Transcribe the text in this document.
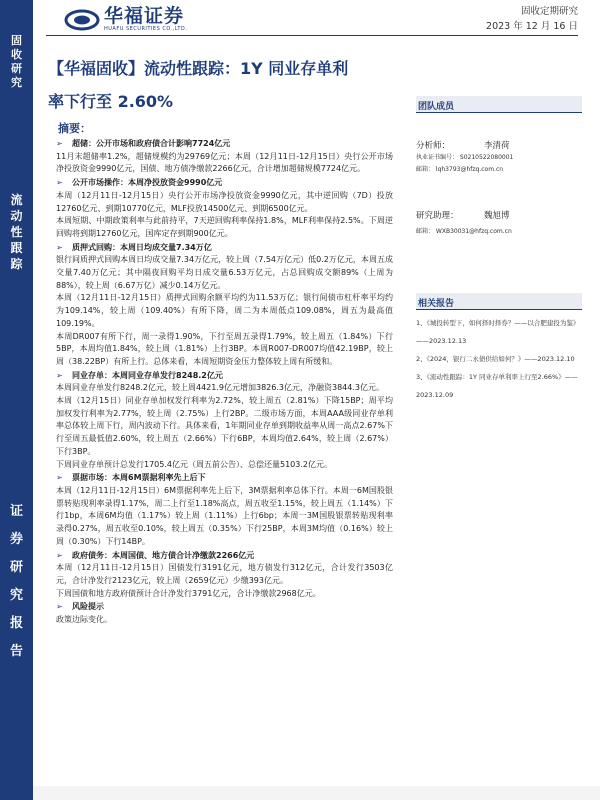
固
收
研
究
流
动
性
跟
踪
证
券
研
究
报
告
华福证券
HUAFU SECURITIES CO.,LTD.
固收定期研究
2023 年 12 月 16 日
【华福固收】流动性跟踪：1Y 同业存单利
率下行至 2.60%
摘要：
➢	超储：公开市场和政府债合计影响7724亿元
11月末超储率1.2%，超储规模约为29769亿元；本周（12月11日-12月15日）央行公开市场净投放资金9990亿元，国债、地方债净缴款2266亿元，合计增加超储规模7724亿元。
➢	公开市场操作：本周净投放资金9990亿元
本周（12月11日-12月15日）央行公开市场净投放资金9990亿元，其中逆回购（7D）投放12760亿元、到期10770亿元，MLF投放14500亿元、到期6500亿元。
本周短期、中期政策利率与此前持平，7天逆回购利率保持1.8%，MLF利率保持2.5%。下周逆回购将到期12760亿元，国库定存到期900亿元。
➢	质押式回购：本周日均成交量7.34万亿
银行间质押式回购本周日均成交量7.34万亿元，较上周（7.54万亿元）低0.2万亿元，本周五成交量7.40万亿元；其中隔夜回购平均日成交量6.53万亿元，占总回购成交额89%（上周为88%），较上周（6.67万亿）减少0.14万亿元。
本周（12月11日-12月15日）质押式回购余额平均约为11.53万亿；银行间债市杠杆率平均约为109.14%，较上周（109.40%）有所下降，周二为本周低点109.08%，周五为最高值109.19%。
本周DR007有所下行，周一录得1.90%，下行至周五录得1.79%，较上周五（1.84%）下行5BP，本周均值1.84%，较上周（1.81%）上行3BP。本周R007-DR007均值42.19BP，较上周（38.22BP）有所上行。总体来看，本周短期资金压力整体较上周有所缓和。
➢	同业存单：本周同业存单发行8248.2亿元
本周同业存单发行8248.2亿元，较上周4421.9亿元增加3826.3亿元，净融资3844.3亿元。
本周（12月15日）同业存单加权发行利率为2.72%，较上周五（2.81%）下降15BP；周平均加权发行利率为2.77%，较上周（2.75%）上行2BP。二级市场方面，本周AAA级同业存单利率总体较上周下行，周内波动下行。具体来看，1年期同业存单到期收益率从周一高点2.67%下行至周五最低值2.60%，较上周五（2.66%）下行6BP，本周均值2.64%，较上周（2.67%）下行3BP。
下周同业存单预计总发行1705.4亿元（周五前公告）、总偿还量5103.2亿元。
➢	票据市场：本周6M票据利率先上后下
本周（12月11日-12月15日）6M票据利率先上后下，3M票据利率总体下行。本周一6M国股银票转贴现利率录得1.17%，周二上行至1.18%高点，周五收至1.15%，较上周五（1.14%）下行1bp，本周6M均值（1.17%）较上周（1.11%）上行6bp；本周一3M国股银票转贴现利率录得0.27%，周五收至0.10%，较上周五（0.35%）下行25BP，本周3M均值（0.16%）较上周（0.30%）下行14BP。
➢	政府债务：本周国债、地方债合计净缴款2266亿元
本周（12月11日-12月15日）国债发行3191亿元，地方债发行312亿元，合计发行3503亿元，合计净发行2123亿元，较上周（2659亿元）少缴393亿元。
下周国债和地方政府债预计合计净发行3791亿元，合计净缴款2968亿元。
➢	风险提示
政策边际变化。
团队成员
分析师：	李清荷
执业证书编号： S0210522080001
邮箱： lqh3793@hfzq.com.cn
研究助理：	魏旭博
邮箱： WXB30031@hfzq.com.cn
相关报告
1、《城投转型下，如何择时择券？——以合肥建投为鉴》——2023.12.13
2、《2024，银行二永债供给如何？》——2023.12.10
3、《流动性跟踪：1Y 同业存单利率上行至2.66%》——2023.12.09
